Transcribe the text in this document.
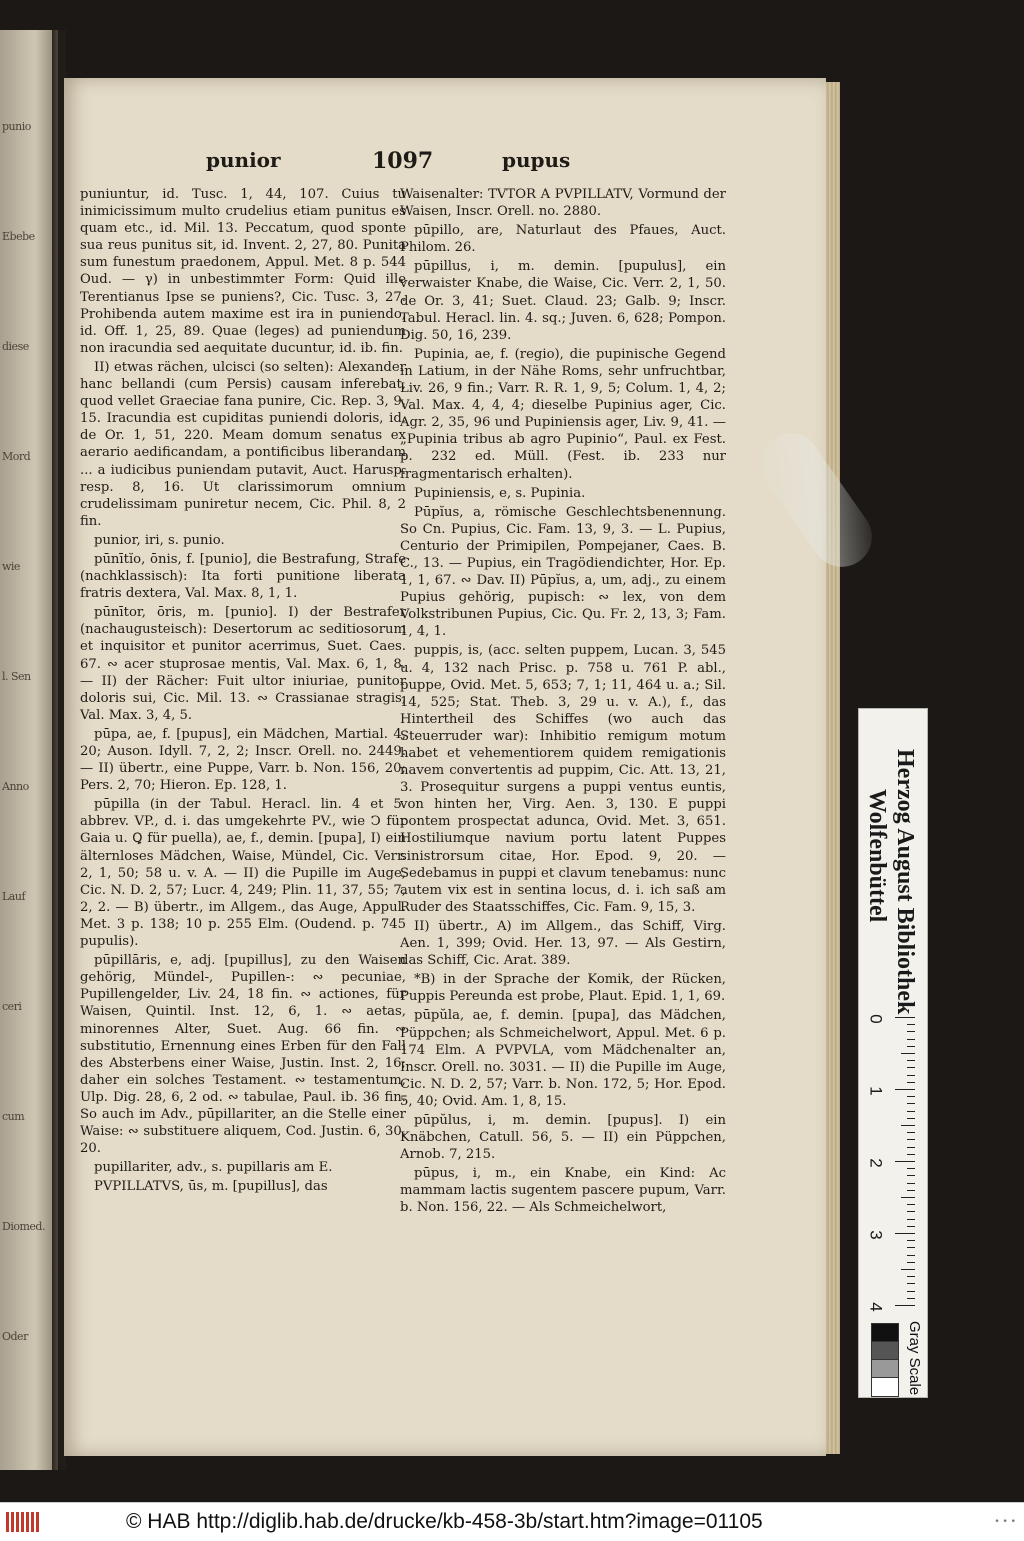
punio
Ebebe
diese
Mord
wie
l. Sen
Anno
Lauf
ceri
cum
Diomed.
Oder
punior	1097	pupus

puniuntur, id. Tusc. 1, 44, 107. Cuius tu inimicissimum multo crudelius etiam punitus es quam etc., id. Mil. 13. Peccatum, quod sponte sua reus punitus sit, id. Invent. 2, 27, 80. Punita sum funestum praedonem, Appul. Met. 8 p. 544 Oud. — γ) in unbestimmter Form: Quid ille Terentianus Ipse se puniens?, Cic. Tusc. 3, 27. Prohibenda autem maxime est ira in puniendo, id. Off. 1, 25, 89. Quae (leges) ad puniendum non iracundia sed aequitate ducuntur, id. ib. fin.

II) etwas rächen, ulcisci (so selten): Alexander hanc bellandi (cum Persis) causam inferebat, quod vellet Graeciae fana punire, Cic. Rep. 3, 9, 15. Iracundia est cupiditas puniendi doloris, id. de Or. 1, 51, 220. Meam domum senatus ex aerario aedificandam, a pontificibus liberandam ... a iudicibus puniendam putavit, Auct. Harusp. resp. 8, 16. Ut clarissimorum omnium crudelissimam puniretur necem, Cic. Phil. 8, 2 fin.

punior, iri, s. punio.

pūnītĭo, ōnis, f. [punio], die Bestrafung, Strafe (nachklassisch): Ita forti punitione liberata fratris dextera, Val. Max. 8, 1, 1.

pūnītor, ōris, m. [punio]. I) der Bestrafer (nachaugusteisch): Desertorum ac seditiosorum et inquisitor et punitor acerrimus, Suet. Caes. 67. ∾ acer stuprosae mentis, Val. Max. 6, 1, 8. — II) der Rächer: Fuit ultor iniuriae, punitor doloris sui, Cic. Mil. 13. ∾ Crassianae stragis, Val. Max. 3, 4, 5.

pūpa, ae, f. [pupus], ein Mädchen, Martial. 4, 20; Auson. Idyll. 7, 2, 2; Inscr. Orell. no. 2449. — II) übertr., eine Puppe, Varr. b. Non. 156, 20; Pers. 2, 70; Hieron. Ep. 128, 1.

pūpilla (in der Tabul. Heracl. lin. 4 et 5. abbrev. VP., d. i. das umgekehrte PV., wie Ↄ für Gaia u. Ꝗ für puella), ae, f., demin. [pupa], I) ein älternloses Mädchen, Waise, Mündel, Cic. Verr. 2, 1, 50; 58 u. v. A. — II) die Pupille im Auge, Cic. N. D. 2, 57; Lucr. 4, 249; Plin. 11, 37, 55; 7, 2, 2. — B) übertr., im Allgem., das Auge, Appul. Met. 3 p. 138; 10 p. 255 Elm. (Oudend. p. 745 pupulis).

pūpillāris, e, adj. [pupillus], zu den Waisen gehörig, Mündel-, Pupillen-: ∾ pecuniae, Pupillengelder, Liv. 24, 18 fin. ∾ actiones, für Waisen, Quintil. Inst. 12, 6, 1. ∾ aetas, minorennes Alter, Suet. Aug. 66 fin. ∾ substitutio, Ernennung eines Erben für den Fall des Absterbens einer Waise, Justin. Inst. 2, 16; daher ein solches Testament. ∾ testamentum, Ulp. Dig. 28, 6, 2 od. ∾ tabulae, Paul. ib. 36 fin. So auch im Adv., pūpillariter, an die Stelle einer Waise: ∾ substituere aliquem, Cod. Justin. 6, 30, 20.

pupillariter, adv., s. pupillaris am E.

PVPILLATVS, ūs, m. [pupillus], das

Waisenalter: TVTOR A PVPILLATV, Vormund der Waisen, Inscr. Orell. no. 2880.

pūpillo, are, Naturlaut des Pfaues, Auct. Philom. 26.

pūpillus, i, m. demin. [pupulus], ein verwaister Knabe, die Waise, Cic. Verr. 2, 1, 50. de Or. 3, 41; Suet. Claud. 23; Galb. 9; Inscr. Tabul. Heracl. lin. 4. sq.; Juven. 6, 628; Pompon. Dig. 50, 16, 239.

Pupinia, ae, f. (regio), die pupinische Gegend in Latium, in der Nähe Roms, sehr unfruchtbar, Liv. 26, 9 fin.; Varr. R. R. 1, 9, 5; Colum. 1, 4, 2; Val. Max. 4, 4, 4; dieselbe Pupinius ager, Cic. Agr. 2, 35, 96 und Pupiniensis ager, Liv. 9, 41. — „Pupinia tribus ab agro Pupinio“, Paul. ex Fest. p. 232 ed. Müll. (Fest. ib. 233 nur fragmentarisch erhalten).

Pupiniensis, e, s. Pupinia.

Pūpĭus, a, römische Geschlechtsbenennung. So Cn. Pupius, Cic. Fam. 13, 9, 3. — L. Pupius, Centurio der Primipilen, Pompejaner, Caes. B. C., 13. — Pupius, ein Tragödiendichter, Hor. Ep. 1, 1, 67. ∾ Dav. II) Pūpĭus, a, um, adj., zu einem Pupius gehörig, pupisch: ∾ lex, von dem Volkstribunen Pupius, Cic. Qu. Fr. 2, 13, 3; Fam. 1, 4, 1.

puppis, is, (acc. selten puppem, Lucan. 3, 545 u. 4, 132 nach Prisc. p. 758 u. 761 P. abl., puppe, Ovid. Met. 5, 653; 7, 1; 11, 464 u. a.; Sil. 14, 525; Stat. Theb. 3, 29 u. v. A.), f., das Hintertheil des Schiffes (wo auch das Steuerruder war): Inhibitio remigum motum habet et vehementiorem quidem remigationis navem convertentis ad puppim, Cic. Att. 13, 21, 3. Prosequitur surgens a puppi ventus euntis, von hinten her, Virg. Aen. 3, 130. E puppi pontem prospectat adunca, Ovid. Met. 3, 651. Hostiliumque navium portu latent Puppes sinistrorsum citae, Hor. Epod. 9, 20. — Sedebamus in puppi et clavum tenebamus: nunc autem vix est in sentina locus, d. i. ich saß am Ruder des Staatsschiffes, Cic. Fam. 9, 15, 3.

II) übertr., A) im Allgem., das Schiff, Virg. Aen. 1, 399; Ovid. Her. 13, 97. — Als Gestirn, das Schiff, Cic. Arat. 389.

*B) in der Sprache der Komik, der Rücken, Puppis Pereunda est probe, Plaut. Epid. 1, 1, 69.

pūpŭla, ae, f. demin. [pupa], das Mädchen, Püppchen; als Schmeichelwort, Appul. Met. 6 p. 174 Elm. A PVPVLA, vom Mädchenalter an, Inscr. Orell. no. 3031. — II) die Pupille im Auge, Cic. N. D. 2, 57; Varr. b. Non. 172, 5; Hor. Epod. 5, 40; Ovid. Am. 1, 8, 15.

pūpŭlus, i, m. demin. [pupus]. I) ein Knäbchen, Catull. 56, 5. — II) ein Püppchen, Arnob. 7, 215.

pūpus, i, m., ein Knabe, ein Kind: Ac mammam lactis sugentem pascere pupum, Varr. b. Non. 156, 22. — Als Schmeichelwort,

Herzog August Bibliothek
Wolfenbüttel
0
1
2
3
4
Gray Scale
© HAB http://diglib.hab.de/drucke/kb-458-3b/start.htm?image=01105	• • •
